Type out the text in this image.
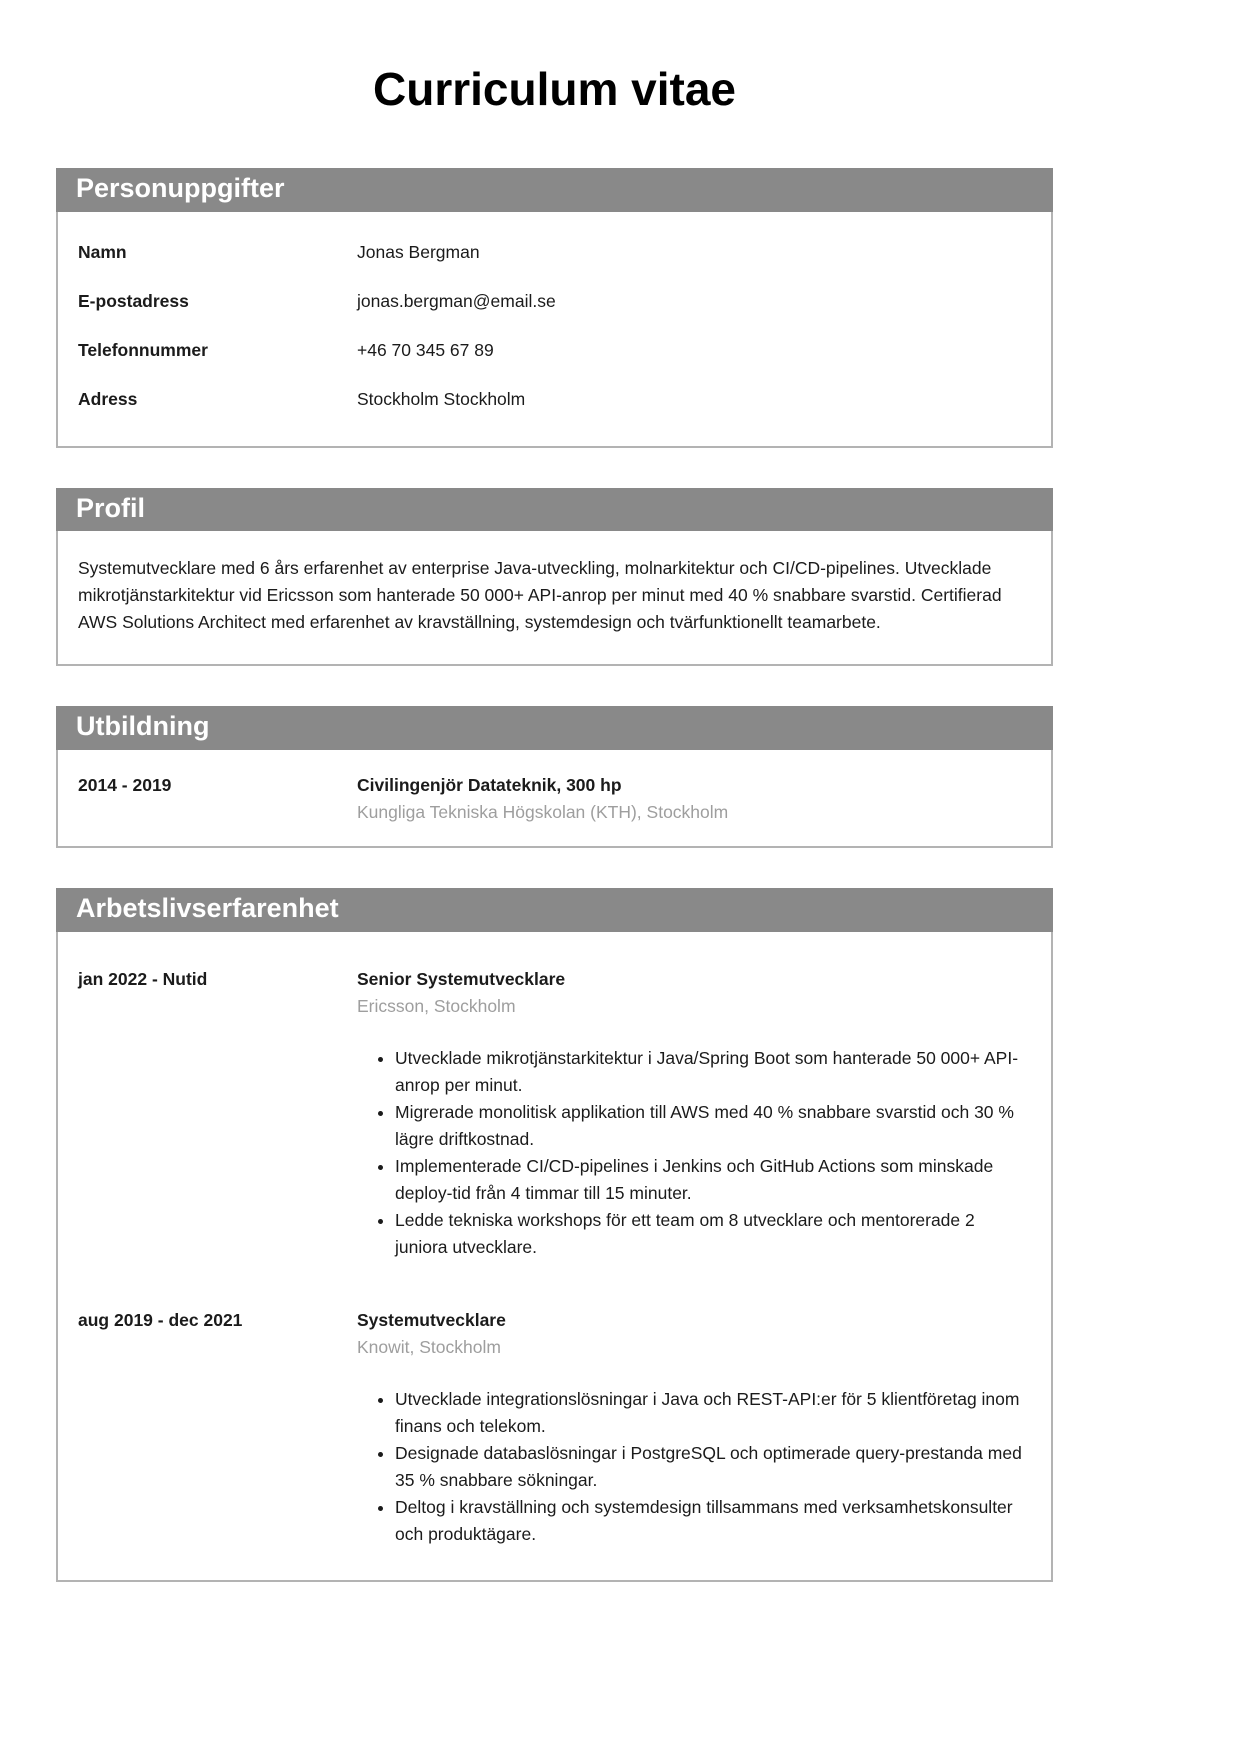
Curriculum vitae
Personuppgifter
Namn	Jonas Bergman
E-postadress	jonas.bergman@email.se
Telefonnummer	+46 70 345 67 89
Adress	Stockholm Stockholm
Profil

Systemutvecklare med 6 års erfarenhet av enterprise Java-utveckling, molnarkitektur och CI/CD-pipelines. Utvecklade mikrotjänstarkitektur vid Ericsson som hanterade 50 000+ API-anrop per minut med 40 % snabbare svarstid. Certifierad AWS Solutions Architect med erfarenhet av kravställning, systemdesign och tvärfunktionellt teamarbete.

Utbildning
2014 - 2019	Civilingenjör Datateknik, 300 hp
Kungliga Tekniska Högskolan (KTH), Stockholm
Arbetslivserfarenhet
jan 2022 - Nutid	Senior Systemutvecklare
Ericsson, Stockholm
• Utvecklade mikrotjänstarkitektur i Java/Spring Boot som hanterade 50 000+ API-anrop per minut.
• Migrerade monolitisk applikation till AWS med 40 % snabbare svarstid och 30 % lägre driftkostnad.
• Implementerade CI/CD-pipelines i Jenkins och GitHub Actions som minskade deploy-tid från 4 timmar till 15 minuter.
• Ledde tekniska workshops för ett team om 8 utvecklare och mentorerade 2 juniora utvecklare.
aug 2019 - dec 2021	Systemutvecklare
Knowit, Stockholm
• Utvecklade integrationslösningar i Java och REST-API:er för 5 klientföretag inom finans och telekom.
• Designade databaslösningar i PostgreSQL och optimerade query-prestanda med 35 % snabbare sökningar.
• Deltog i kravställning och systemdesign tillsammans med verksamhetskonsulter och produktägare.
